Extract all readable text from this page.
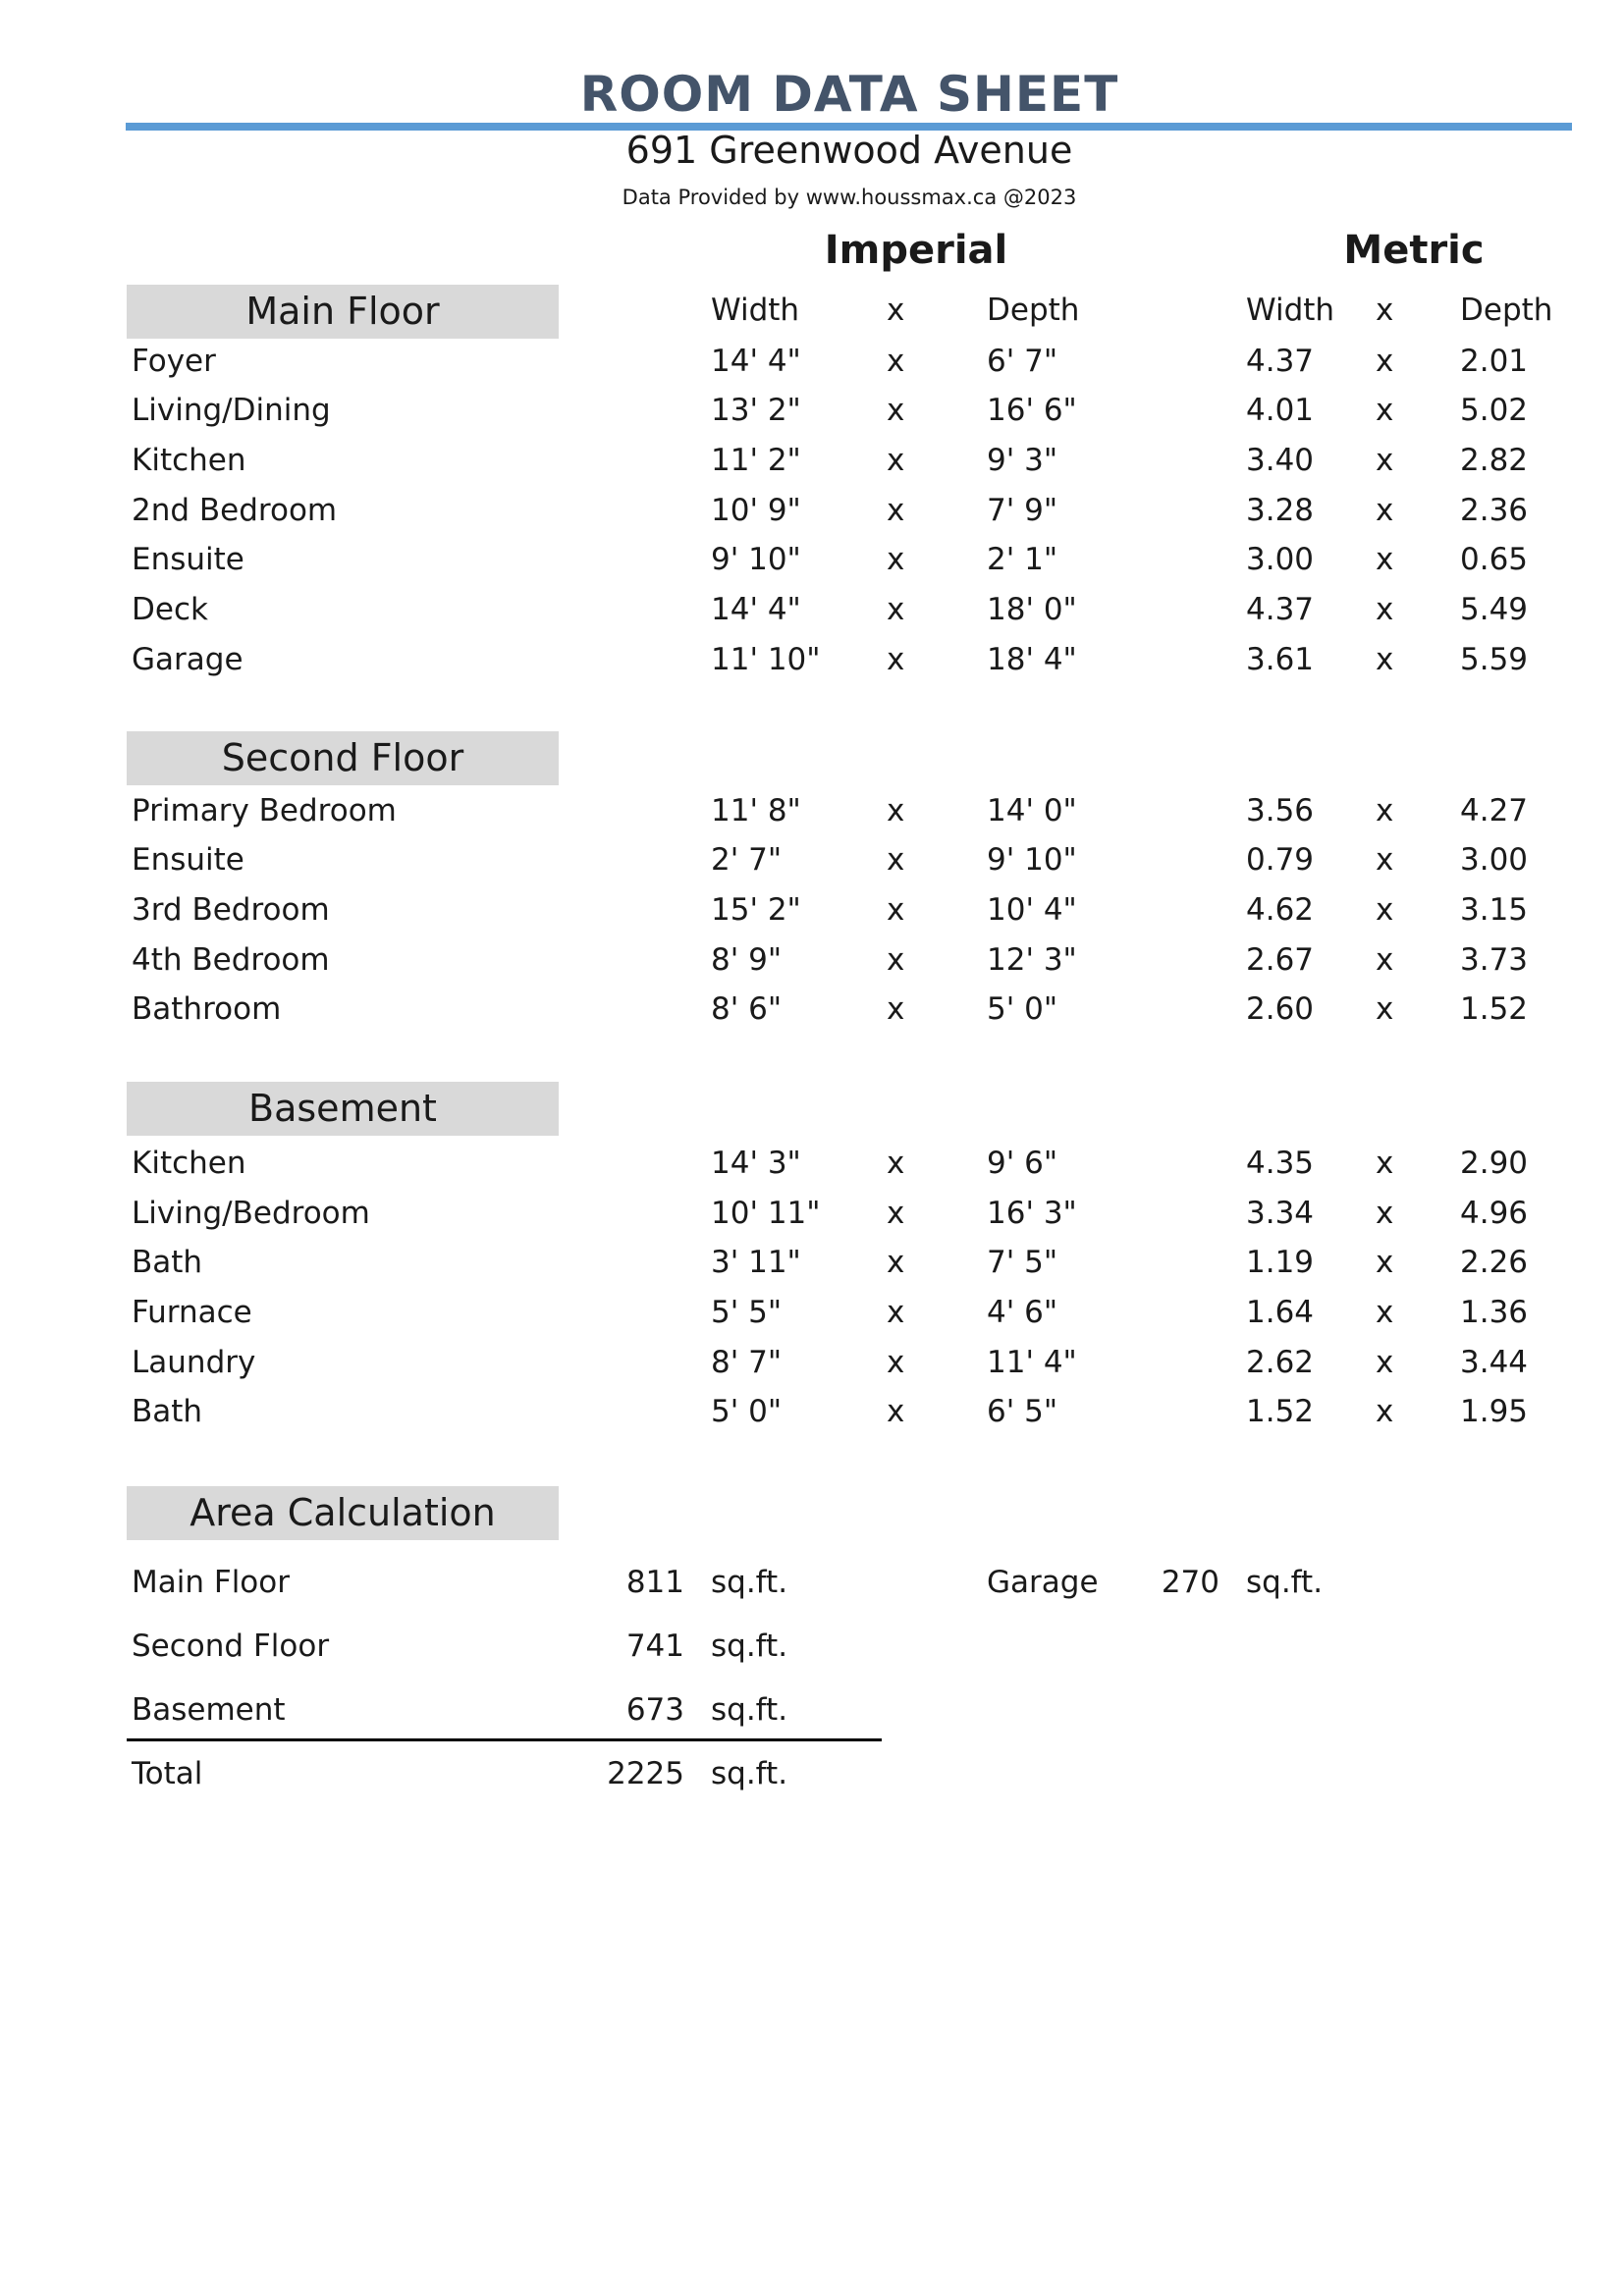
ROOM DATA SHEET
691 Greenwood Avenue
Data Provided by www.houssmax.ca @2023
Imperial	Metric
Main Floor	Width	x	Depth	Width x Depth
Foyer	14' 4"	x	6' 7"	4.37 x 2.01
Living/Dining	13' 2"	x	16' 6"	4.01 x 5.02
Kitchen	11' 2"	x	9' 3"	3.40 x 2.82
2nd Bedroom	10' 9"	x	7' 9"	3.28 x 2.36
Ensuite	9' 10"	x	2' 1"	3.00 x 0.65
Deck	14' 4"	x	18' 0"	4.37 x 5.49
Garage	11' 10" x	18' 4"	3.61 x 5.59
Second Floor
Primary Bedroom	11' 8"	x	14' 0"	3.56 x 4.27
Ensuite	2' 7"	x	9' 10"	0.79 x 3.00
3rd Bedroom	15' 2"	x	10' 4"	4.62 x 3.15
4th Bedroom	8' 9"	x	12' 3"	2.67 x 3.73
Bathroom	8' 6"	x	5' 0"	2.60 x 1.52
Basement
Kitchen	14' 3"	x	9' 6"	4.35 x 2.90
Living/Bedroom	10' 11" x	16' 3"	3.34 x 4.96
Bath	3' 11"	x	7' 5"	1.19 x 2.26
Furnace	5' 5"	x	4' 6"	1.64 x 1.36
Laundry	8' 7"	x	11' 4"	2.62 x 3.44
Bath	5' 0"	x	6' 5"	1.52 x 1.95
Area Calculation
Main Floor	811 sq.ft.	Garage	270 sq.ft.
Second Floor	741 sq.ft.
Basement	673 sq.ft.
Total	2225 sq.ft.
